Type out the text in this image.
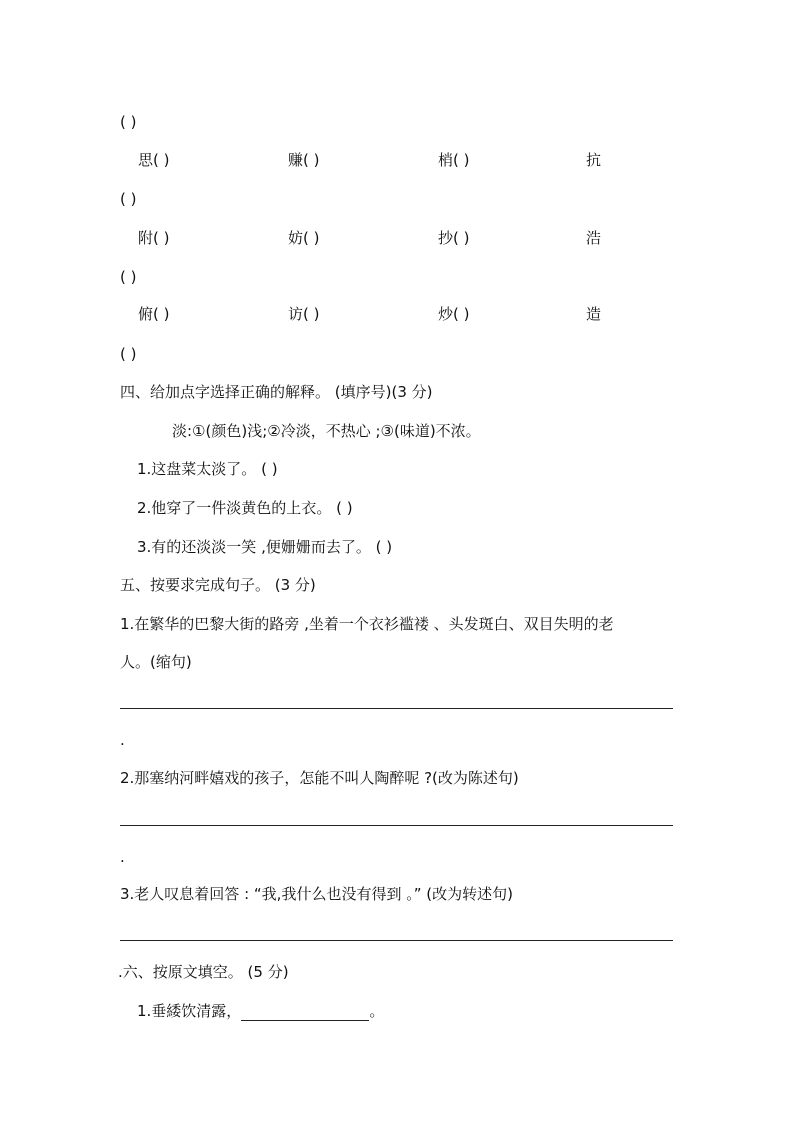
( )
思( )	赚( )	梢( )	抗
( )
附( )	妨( )	抄( )	浩
( )
俯( )	访( )	炒( )	造
( )
四、给加点字选择正确的解释。 (填序号)(3 分)
淡:①(颜色)浅;②冷淡，不热心 ;③(味道)不浓。
1.这盘菜太淡了。 ( )
2.他穿了一件淡黄色的上衣。 ( )
3.有的还淡淡一笑 ,便姗姗而去了。 ( )
五、按要求完成句子。 (3 分)
1.在繁华的巴黎大街的路旁 ,坐着一个衣衫褴褛 、头发斑白、双目失明的老
人。(缩句)
.
2.那塞纳河畔嬉戏的孩子，怎能不叫人陶醉呢 ?(改为陈述句)
.
3.老人叹息着回答 : “我,我什么也没有得到 。” (改为转述句)
.六、按原文填空。 (5 分)
1.垂緌饮清露，	。
